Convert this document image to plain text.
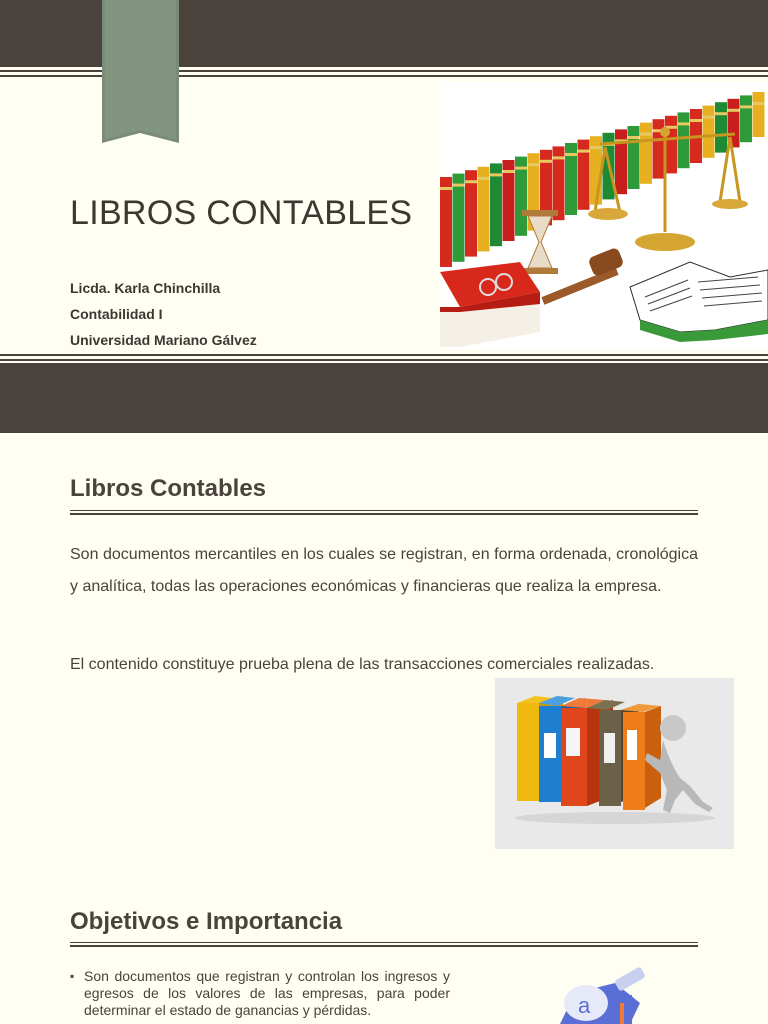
LIBROS CONTABLES
Licda. Karla Chinchilla
Contabilidad I
Universidad Mariano Gálvez
Libros Contables

Son documentos mercantiles en los cuales se registran, en forma ordenada, cronológica y analítica, todas las operaciones económicas y financieras que realiza la empresa.

El contenido constituye prueba plena de las transacciones comerciales realizadas.

Objetivos e Importancia
▪ Son documentos que registran y controlan los ingresos y egresos de los valores de las empresas, para poder determinar el estado de ganancias y pérdidas.	a
